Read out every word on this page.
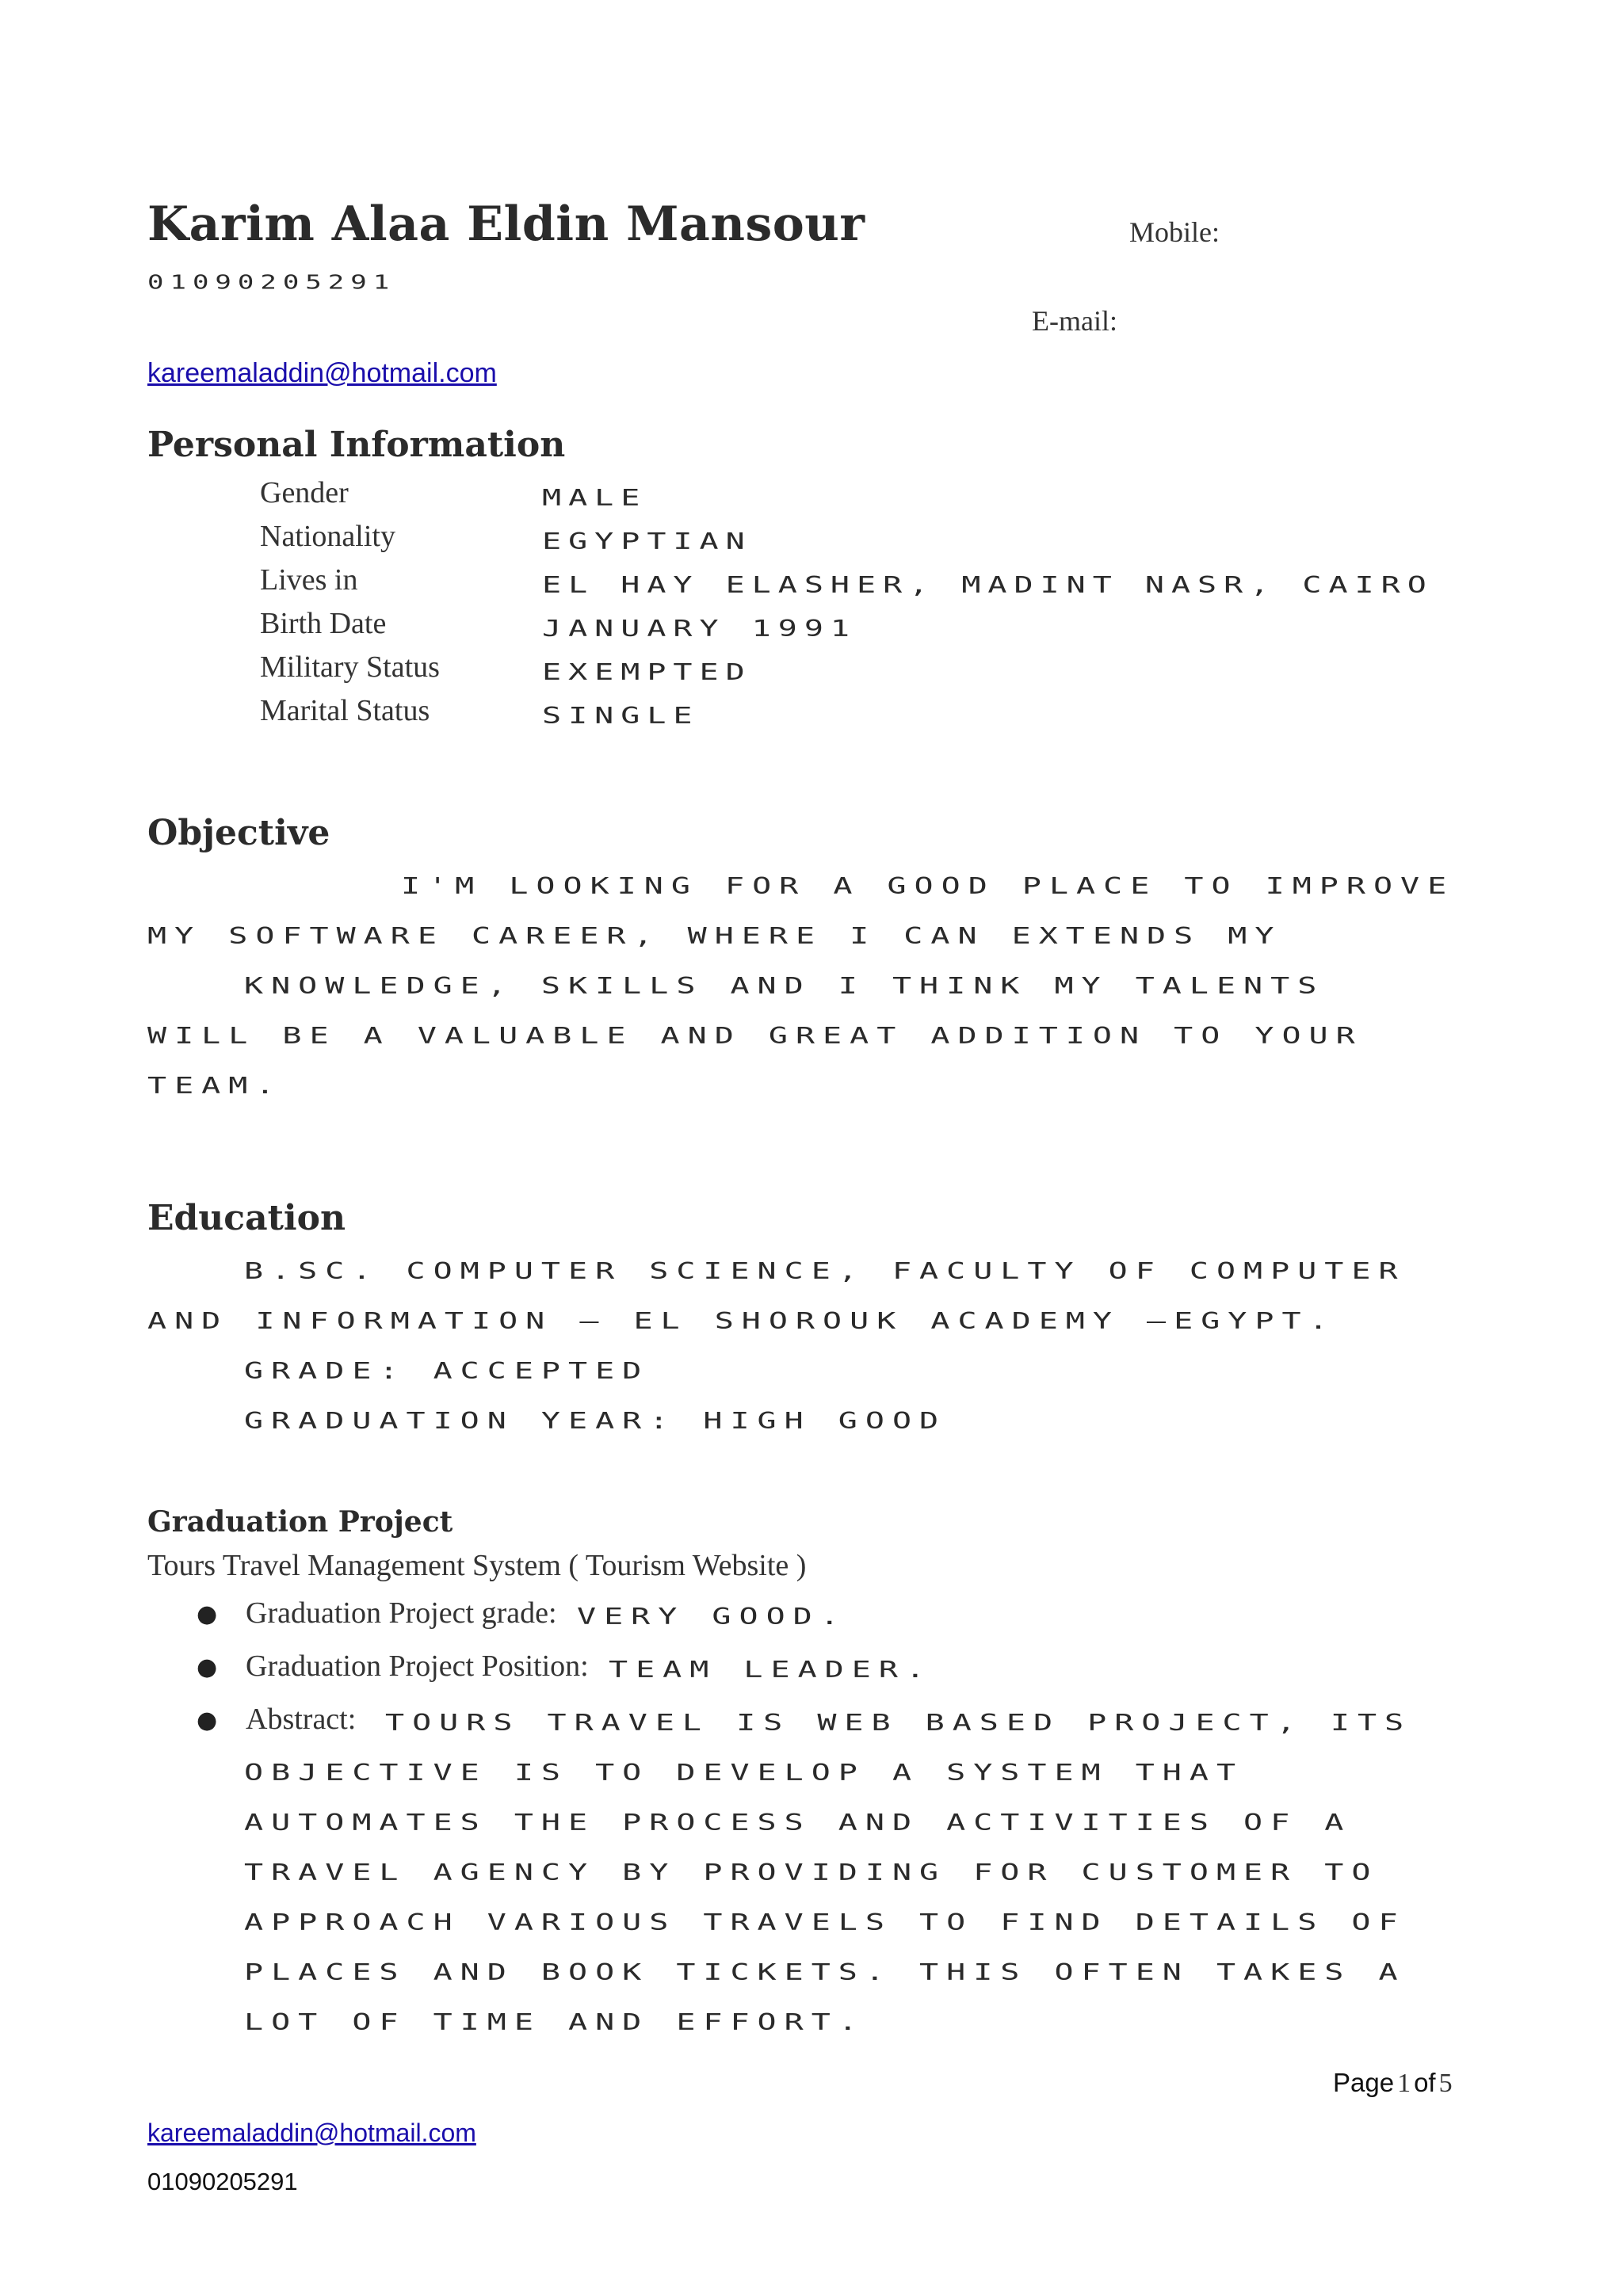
Karim Alaa Eldin Mansour	Mobile:
01090205291
E-mail:
kareemaladdin@hotmail.com
Personal Information
Gender	MALE
Nationality	EGYPTIAN
Lives in	EL HAY ELASHER, MADINT NASR, CAIRO
Birth Date	JANUARY 1991
Military Status	EXEMPTED
Marital Status	SINGLE
Objective
I'M LOOKING FOR A GOOD PLACE TO IMPROVE
MY SOFTWARE CAREER, WHERE I CAN EXTENDS MY
KNOWLEDGE, SKILLS AND I THINK MY TALENTS
WILL BE A VALUABLE AND GREAT ADDITION TO YOUR
TEAM.
Education
B.SC. COMPUTER SCIENCE, FACULTY OF COMPUTER
AND INFORMATION – EL SHOROUK ACADEMY –EGYPT.
GRADE: ACCEPTED
GRADUATION YEAR: HIGH GOOD
Graduation Project
Tours Travel Management System ( Tourism Website )
● Graduation Project grade: VERY GOOD.
● Graduation Project Position: TEAM LEADER.
● Abstract: TOURS TRAVEL IS WEB BASED PROJECT, ITS
OBJECTIVE IS TO DEVELOP A SYSTEM THAT
AUTOMATES THE PROCESS AND ACTIVITIES OF A
TRAVEL AGENCY BY PROVIDING FOR CUSTOMER TO
APPROACH VARIOUS TRAVELS TO FIND DETAILS OF
PLACES AND BOOK TICKETS. THIS OFTEN TAKES A
LOT OF TIME AND EFFORT.
Page 1 of 5
kareemaladdin@hotmail.com
01090205291
